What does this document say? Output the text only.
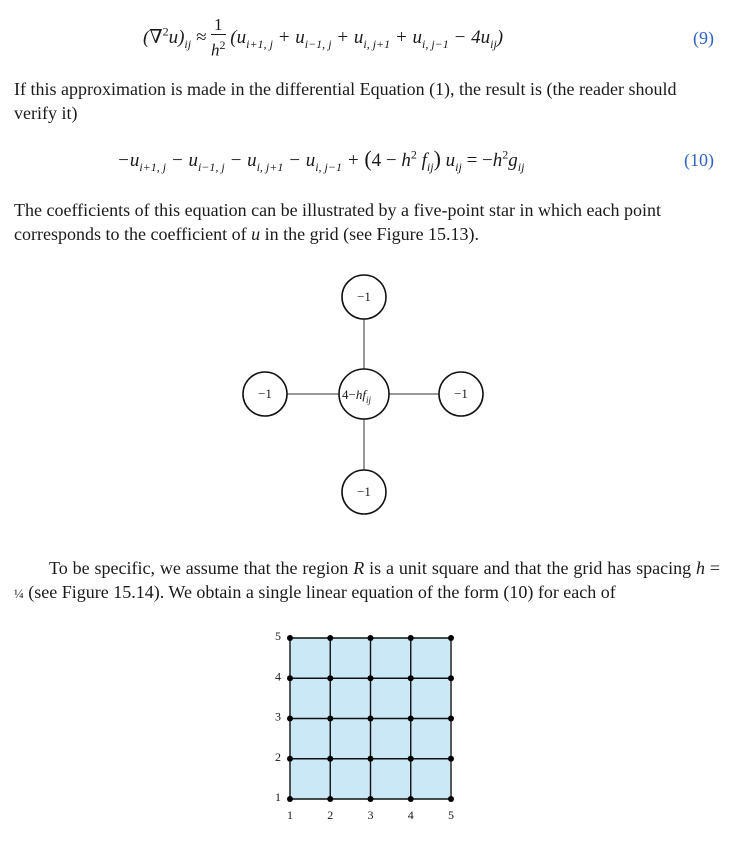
$(\nabla^2u)_{ij} \approx \frac{1}{h^2} (u_{i+1, j} + u_{i-1, j} + u_{i, j+1} + u_{i, j-1} - 4u_{ij})$	(9)
If this approximation is made in the differential Equation (1), the result is (the reader should verify it)
$-u_{i+1, j} - u_{i-1, j} - u_{i, j+1} - u_{i, j-1} + (4 - h^2$ $f_{ij}$) $u_{ij} = -h^2g_{ij}$	(10)
The coefficients of this equation can be illustrated by a five-point star in which each point corresponds to the coefficient of u in the grid (see Figure 15.13).
−1
−1	$4-hf_{ij}$	−1
−1
To be specific, we assume that the region R is a unit square and that the grid has spacing h = ¼ (see Figure 15.14). We obtain a single linear equation of the form (10) for each of
1	2	3	4	5
5
4
3
2
1
